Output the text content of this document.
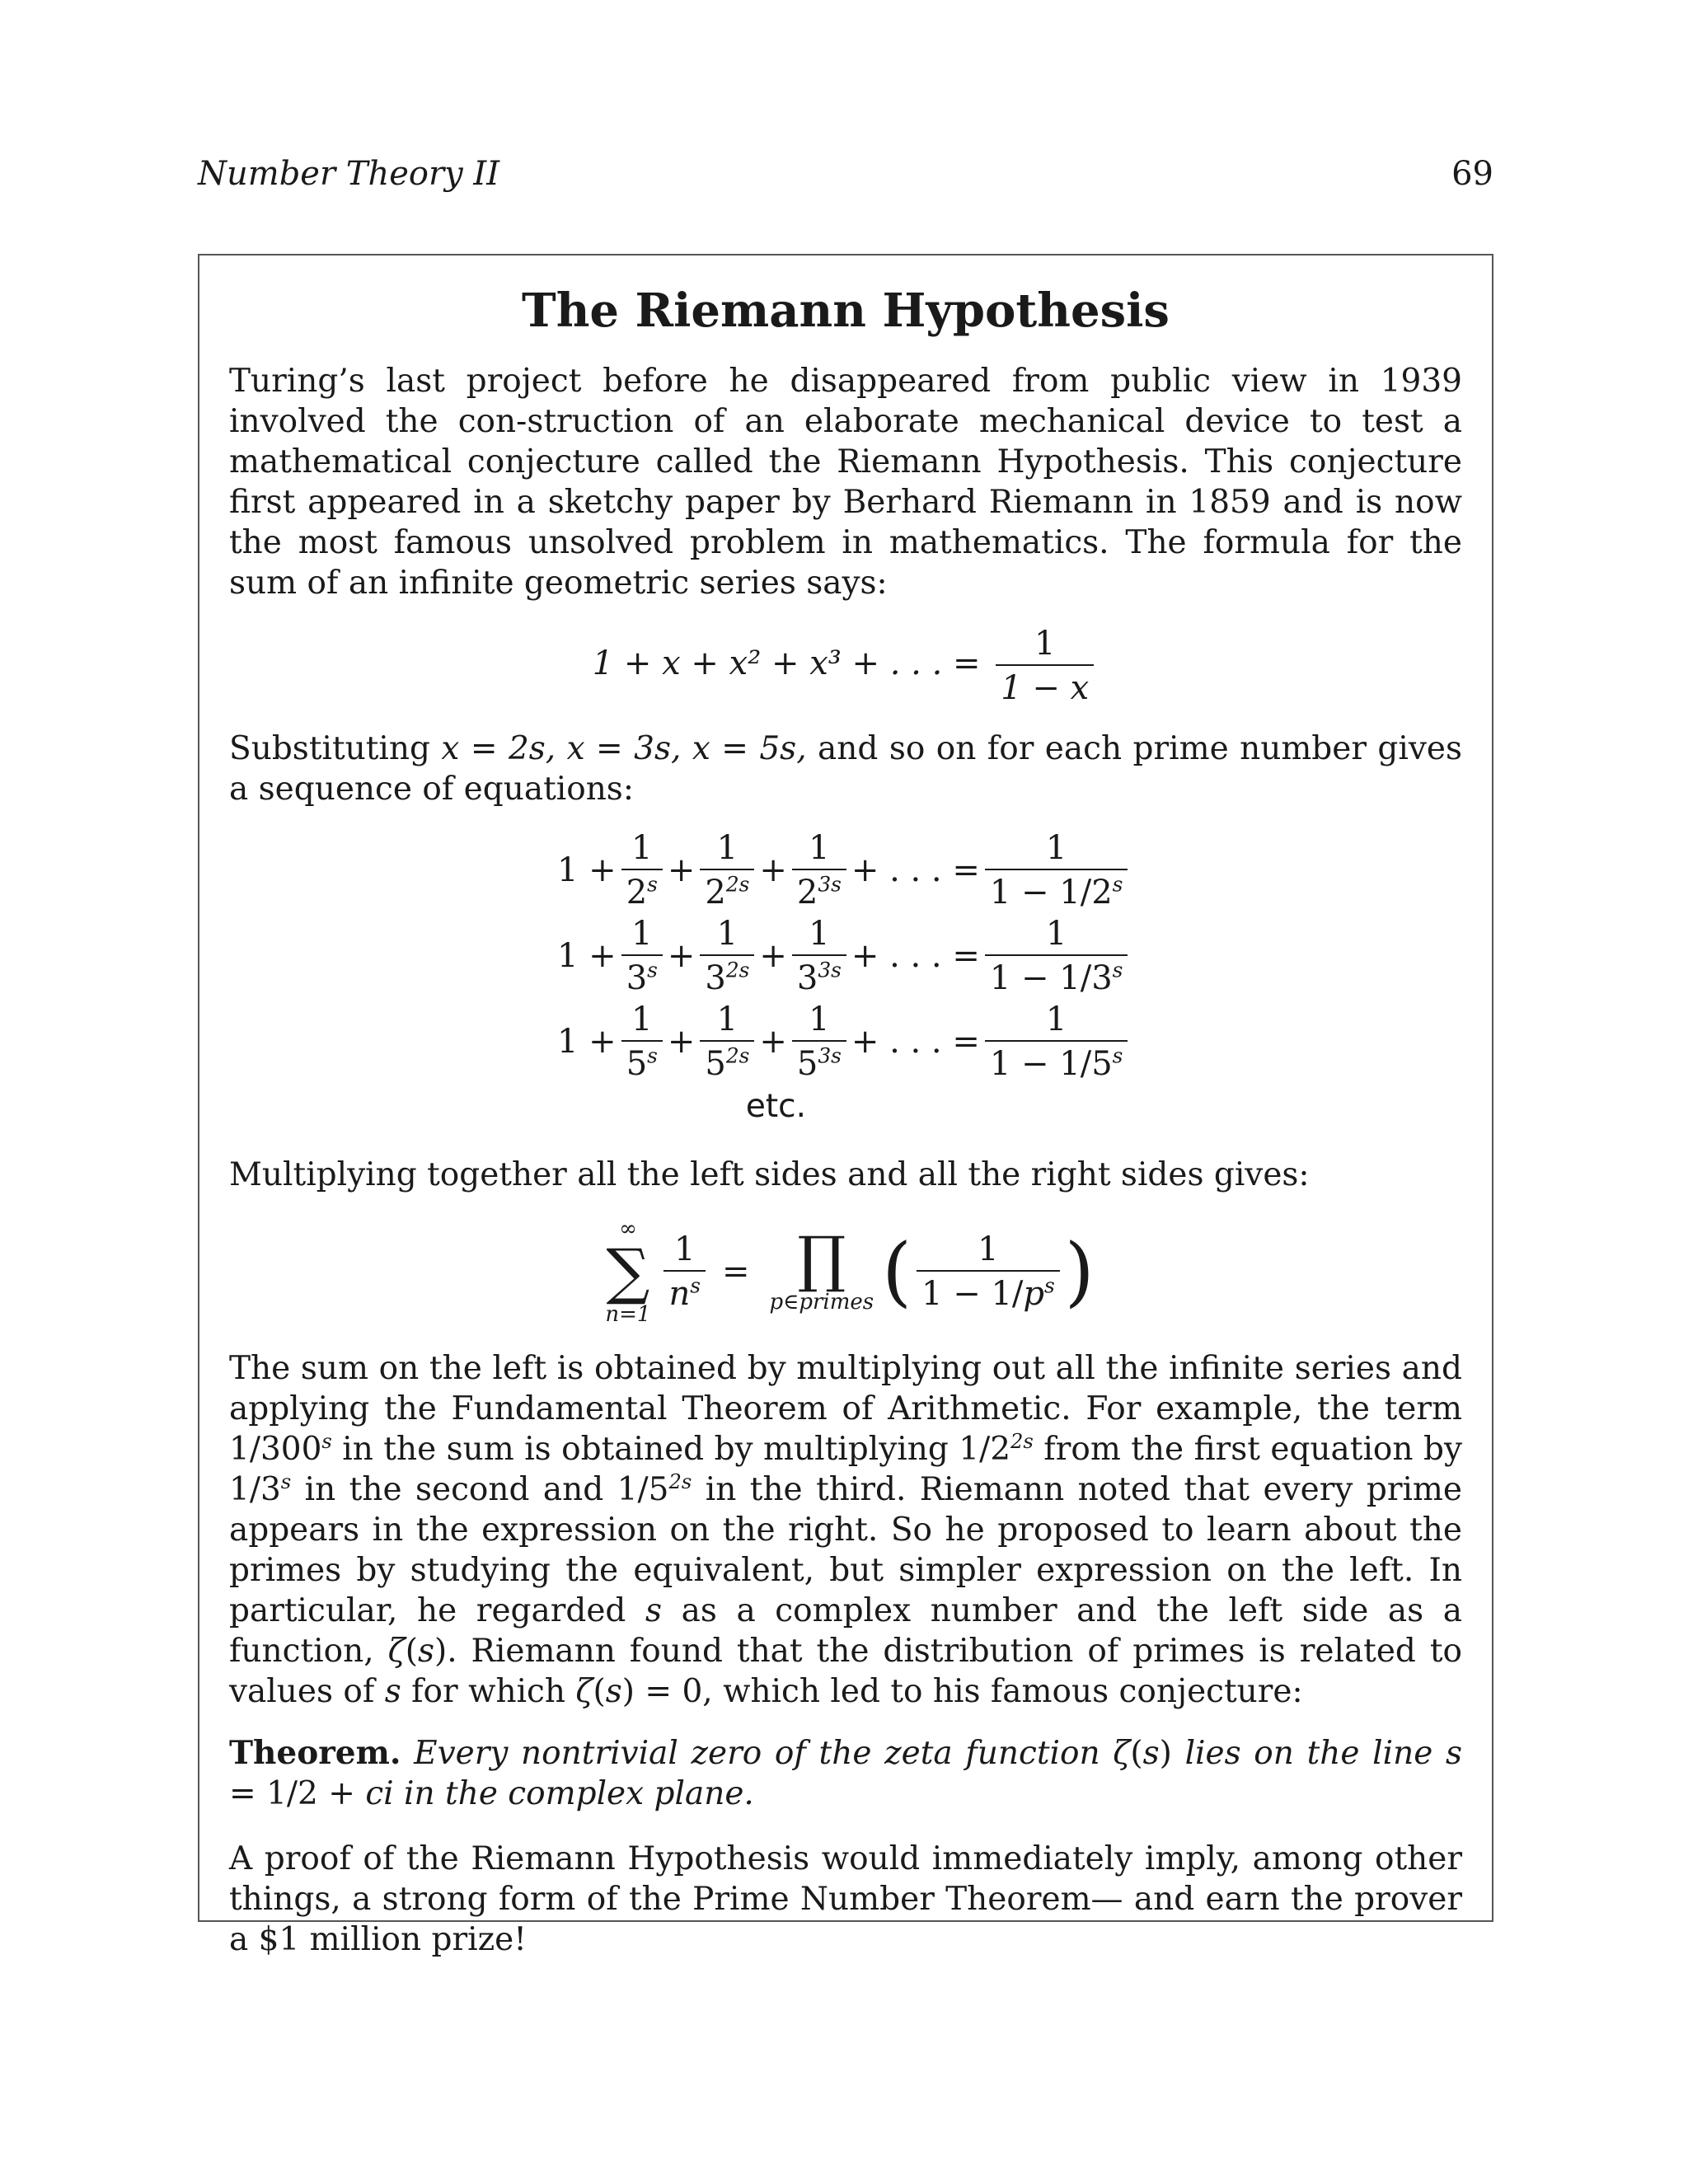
Number Theory II	69
The Riemann Hypothesis

Turing’s last project before he disappeared from public view in 1939 involved the con-struction of an elaborate mechanical device to test a mathematical conjecture called the Riemann Hypothesis. This conjecture first appeared in a sketchy paper by Berhard Riemann in 1859 and is now the most famous unsolved problem in mathematics. The formula for the sum of an infinite geometric series says:

1 + x + x² + x³ + . . . = $\frac{1}{1 - x}$

Substituting x = 2s, x = 3s, x = 5s, and so on for each prime number gives a sequence of equations:

$1 + \frac{1}{2^s} + \frac{1}{2^{2s}} + \frac{1}{2^{3s}}$ + . . . = $\frac{1}{1 - 1/2^s}$
$1 + \frac{1}{3^s} + \frac{1}{3^{2s}} + \frac{1}{3^{3s}}$ + . . . = $\frac{1}{1 - 1/3^s}$
$1 + \frac{1}{5^s} + \frac{1}{5^{2s}} + \frac{1}{5^{3s}}$ + . . . = $\frac{1}{1 - 1/5^s}$
etc.

Multiplying together all the left sides and all the right sides gives:

∞
∑
n=1
$\frac{1}{n^s}$ = ∏
p∈primes ( $\frac{1}{1 - 1/p^s}$ )

The sum on the left is obtained by multiplying out all the infinite series and applying the Fundamental Theorem of Arithmetic. For example, the term 1/300$^s$ in the sum is obtained by multiplying $1/2^{2s}$ from the first equation by 1/3$^s$ in the second and $1/5^{2s}$ in the third. Riemann noted that every prime appears in the expression on the right. So he proposed to learn about the primes by studying the equivalent, but simpler expression on the left. In particular, he regarded s as a complex number and the left side as a function, ζ(s). Riemann found that the distribution of primes is related to values of s for which ζ(s) = 0, which led to his famous conjecture:

Theorem. Every nontrivial zero of the zeta function ζ(s) lies on the line s = 1/2 + ci in the complex plane.

A proof of the Riemann Hypothesis would immediately imply, among other things, a strong form of the Prime Number Theorem— and earn the prover a $1 million prize!
